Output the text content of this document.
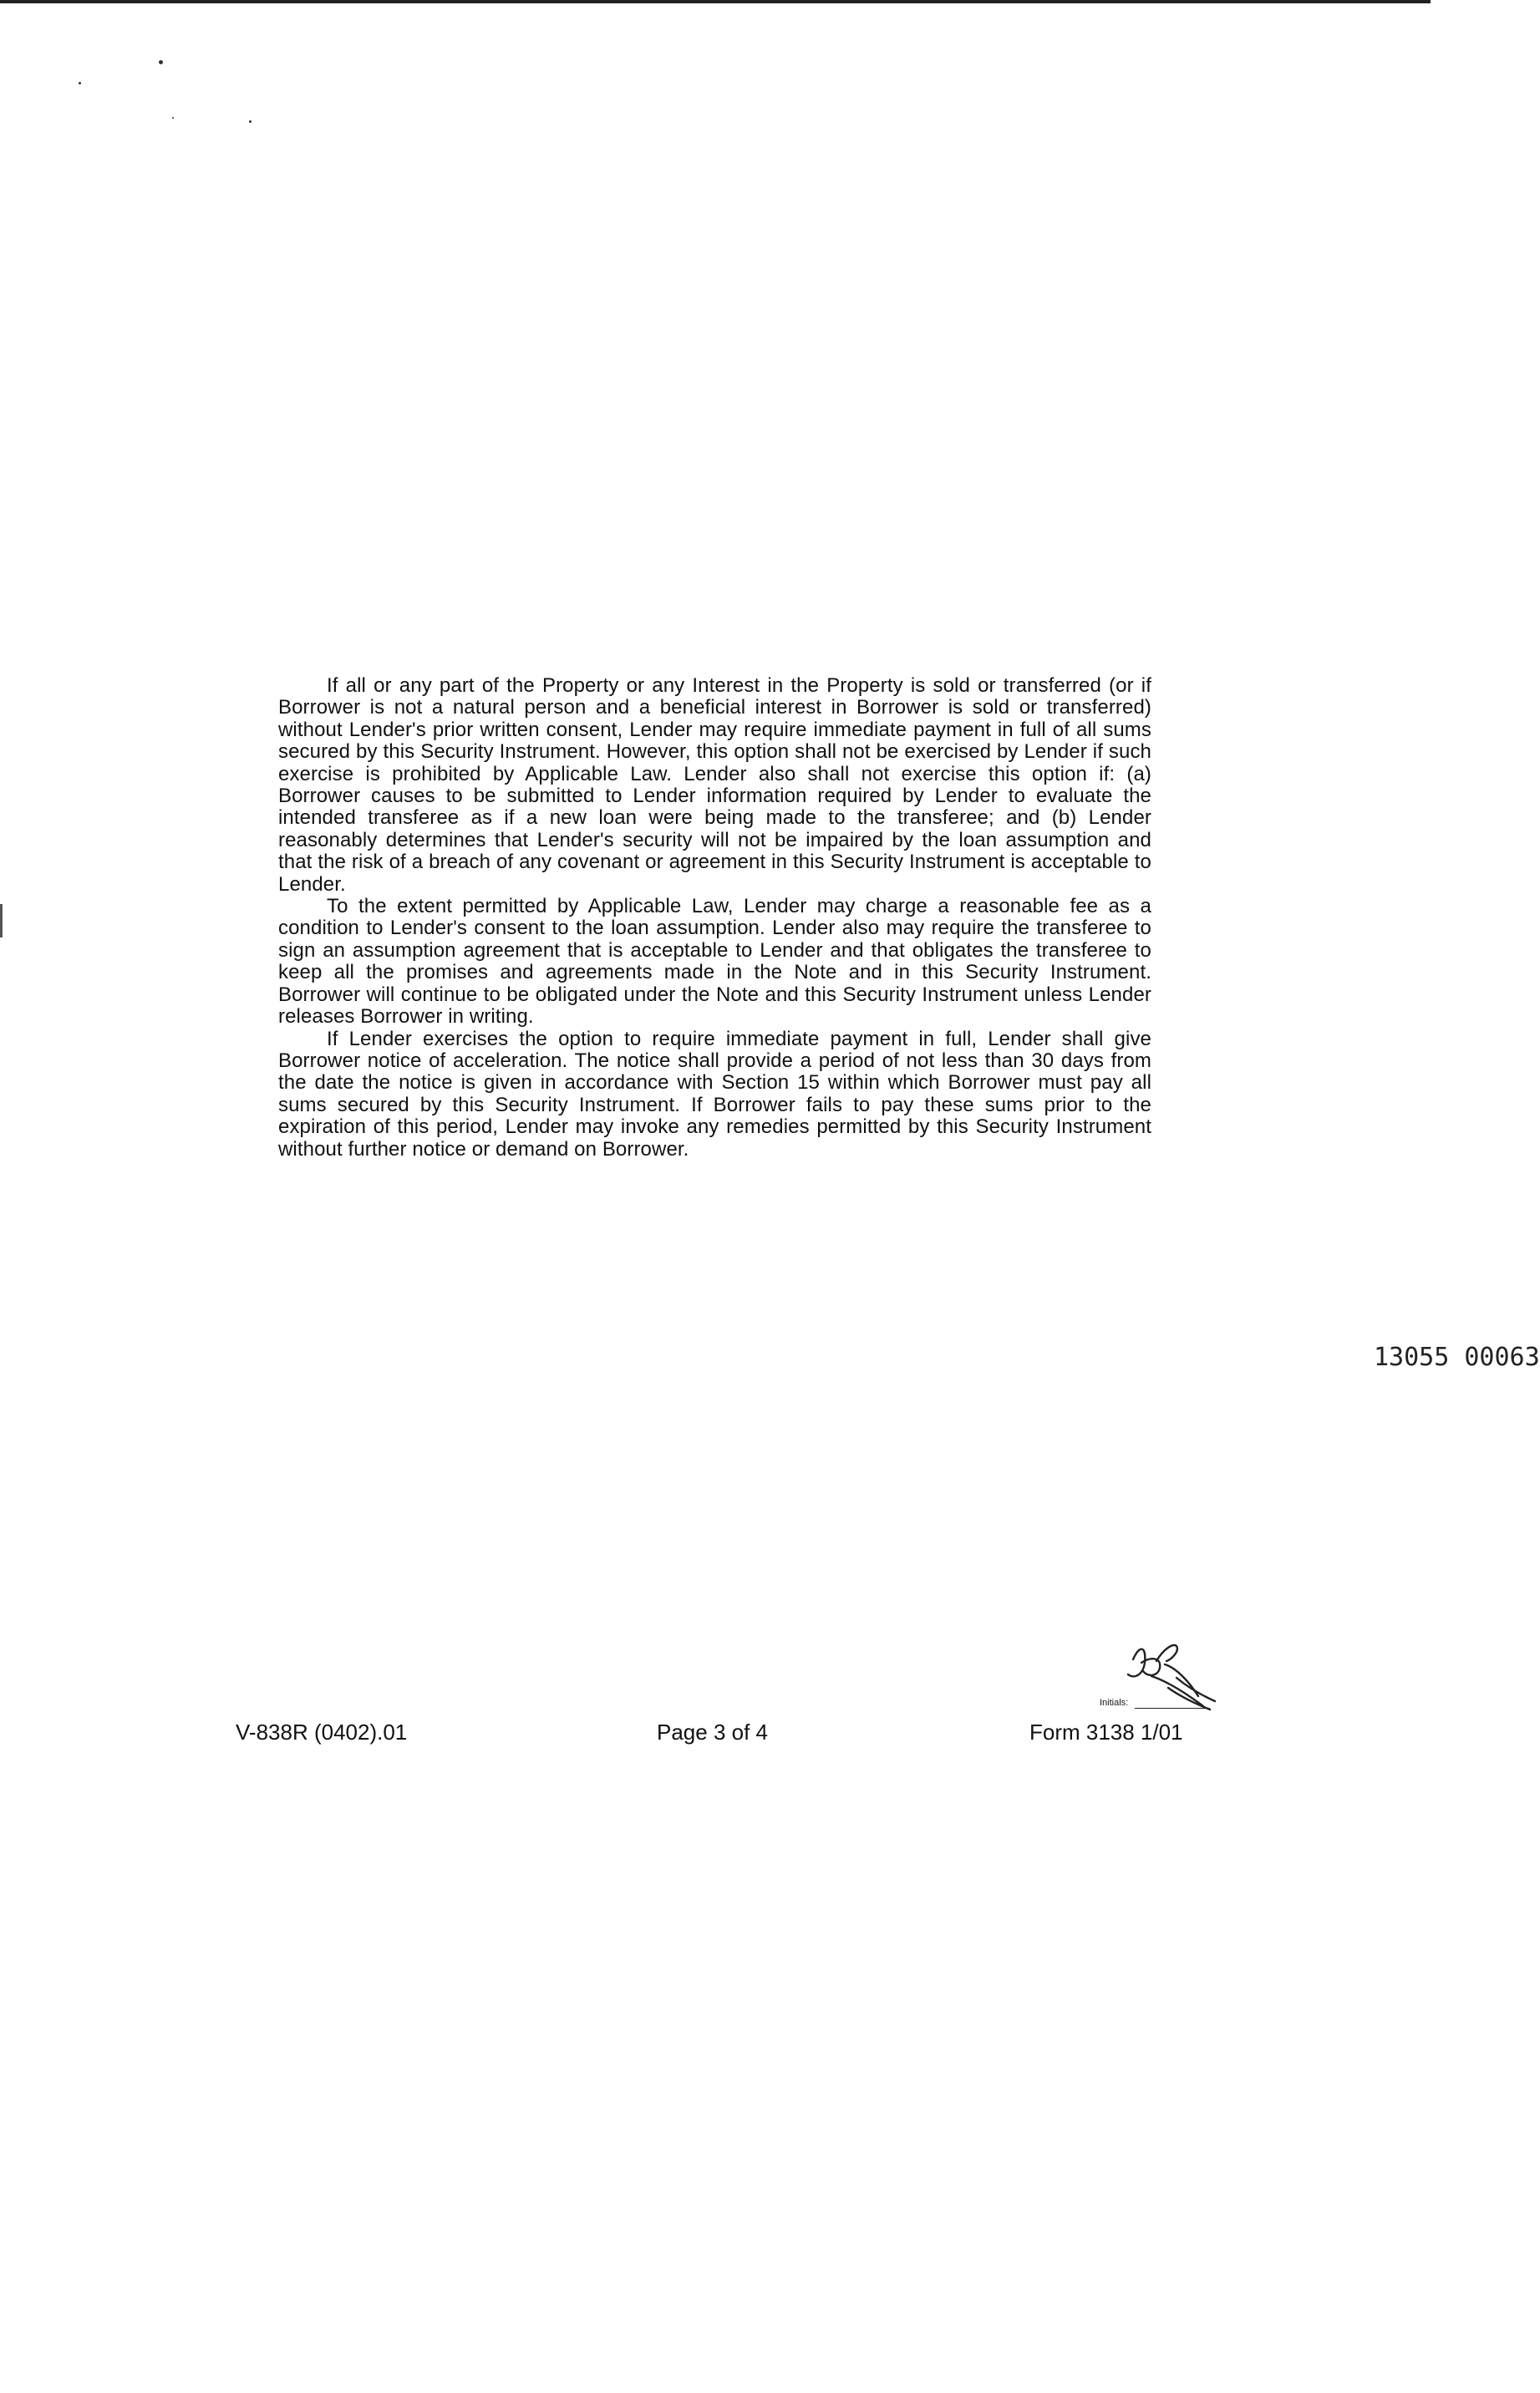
If all or any part of the Property or any Interest in the Property is sold or transferred (or if Borrower is not a natural person and a beneficial interest in Borrower is sold or transferred) without Lender's prior written consent, Lender may require immediate payment in full of all sums secured by this Security Instrument. However, this option shall not be exercised by Lender if such exercise is prohibited by Applicable Law. Lender also shall not exercise this option if: (a) Borrower causes to be submitted to Lender information required by Lender to evaluate the intended transferee as if a new loan were being made to the transferee; and (b) Lender reasonably determines that Lender's security will not be impaired by the loan assumption and that the risk of a breach of any covenant or agreement in this Security Instrument is acceptable to Lender.

To the extent permitted by Applicable Law, Lender may charge a reasonable fee as a condition to Lender's consent to the loan assumption. Lender also may require the transferee to sign an assumption agreement that is acceptable to Lender and that obligates the transferee to keep all the promises and agreements made in the Note and in this Security Instrument. Borrower will continue to be obligated under the Note and this Security Instrument unless Lender releases Borrower in writing.

If Lender exercises the option to require immediate payment in full, Lender shall give Borrower notice of acceleration. The notice shall provide a period of not less than 30 days from the date the notice is given in accordance with Section 15 within which Borrower must pay all sums secured by this Security Instrument. If Borrower fails to pay these sums prior to the expiration of this period, Lender may invoke any remedies permitted by this Security Instrument without further notice or demand on Borrower.

13055 00063
Initials:
V-838R (0402).01	Page 3 of 4	Form 3138 1/01
